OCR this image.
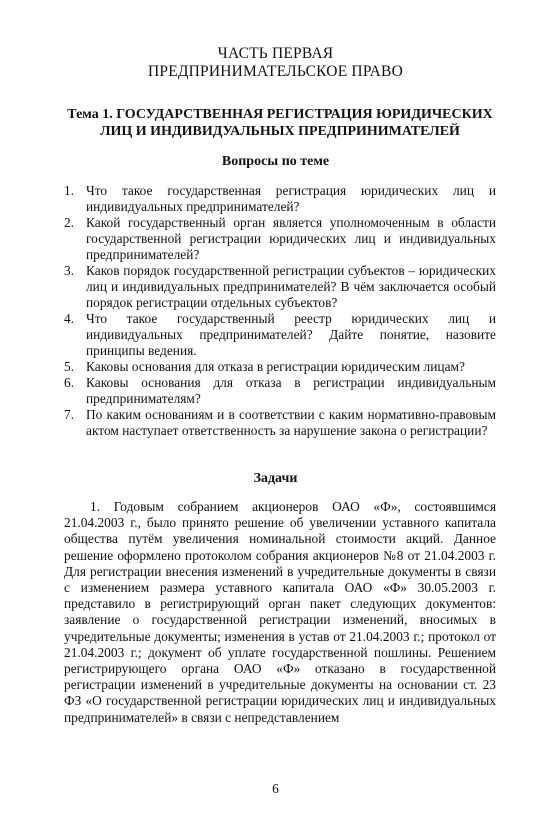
ЧАСТЬ ПЕРВАЯ
ПРЕДПРИНИМАТЕЛЬСКОЕ ПРАВО
Тема 1. ГОСУДАРСТВЕННАЯ РЕГИСТРАЦИЯ ЮРИДИЧЕСКИХ
ЛИЦ И ИНДИВИДУАЛЬНЫХ ПРЕДПРИНИМАТЕЛЕЙ
Вопросы по теме
1. Что такое государственная регистрация юридических лиц и индивидуальных предпринимателей?
2. Какой государственный орган является уполномоченным в области государственной регистрации юридических лиц и индивидуальных предпринимателей?
3. Каков порядок государственной регистрации субъектов – юридических лиц и индивидуальных предпринимателей? В чём заключается особый порядок регистрации отдельных субъектов?
4. Что такое государственный реестр юридических лиц и индивидуальных предпринимателей? Дайте понятие, назовите принципы ведения.
5. Каковы основания для отказа в регистрации юридическим лицам?
6. Каковы основания для отказа в регистрации индивидуальным предпринимателям?
7. По каким основаниям и в соответствии с каким нормативно-правовым актом наступает ответственность за нарушение закона о регистрации?
Задачи

1. Годовым собранием акционеров ОАО «Ф», состоявшимся 21.04.2003 г., было принято решение об увеличении уставного капитала общества путём увеличения номинальной стоимости акций. Данное решение оформлено протоколом собрания акционеров №8 от 21.04.2003 г. Для регистрации внесения изменений в учредительные документы в связи с изменением размера уставного капитала ОАО «Ф» 30.05.2003 г. представило в регистрирующий орган пакет следующих документов: заявление о государственной регистрации изменений, вносимых в учредительные документы; изменения в устав от 21.04.2003 г.; протокол от 21.04.2003 г.; документ об уплате государственной пошлины. Решением регистрирующего органа ОАО «Ф» отказано в государственной регистрации изменений в учредительные документы на основании ст. 23 ФЗ «О государственной регистрации юридических лиц и индивидуальных предпринимателей» в связи с непредставлением

6
